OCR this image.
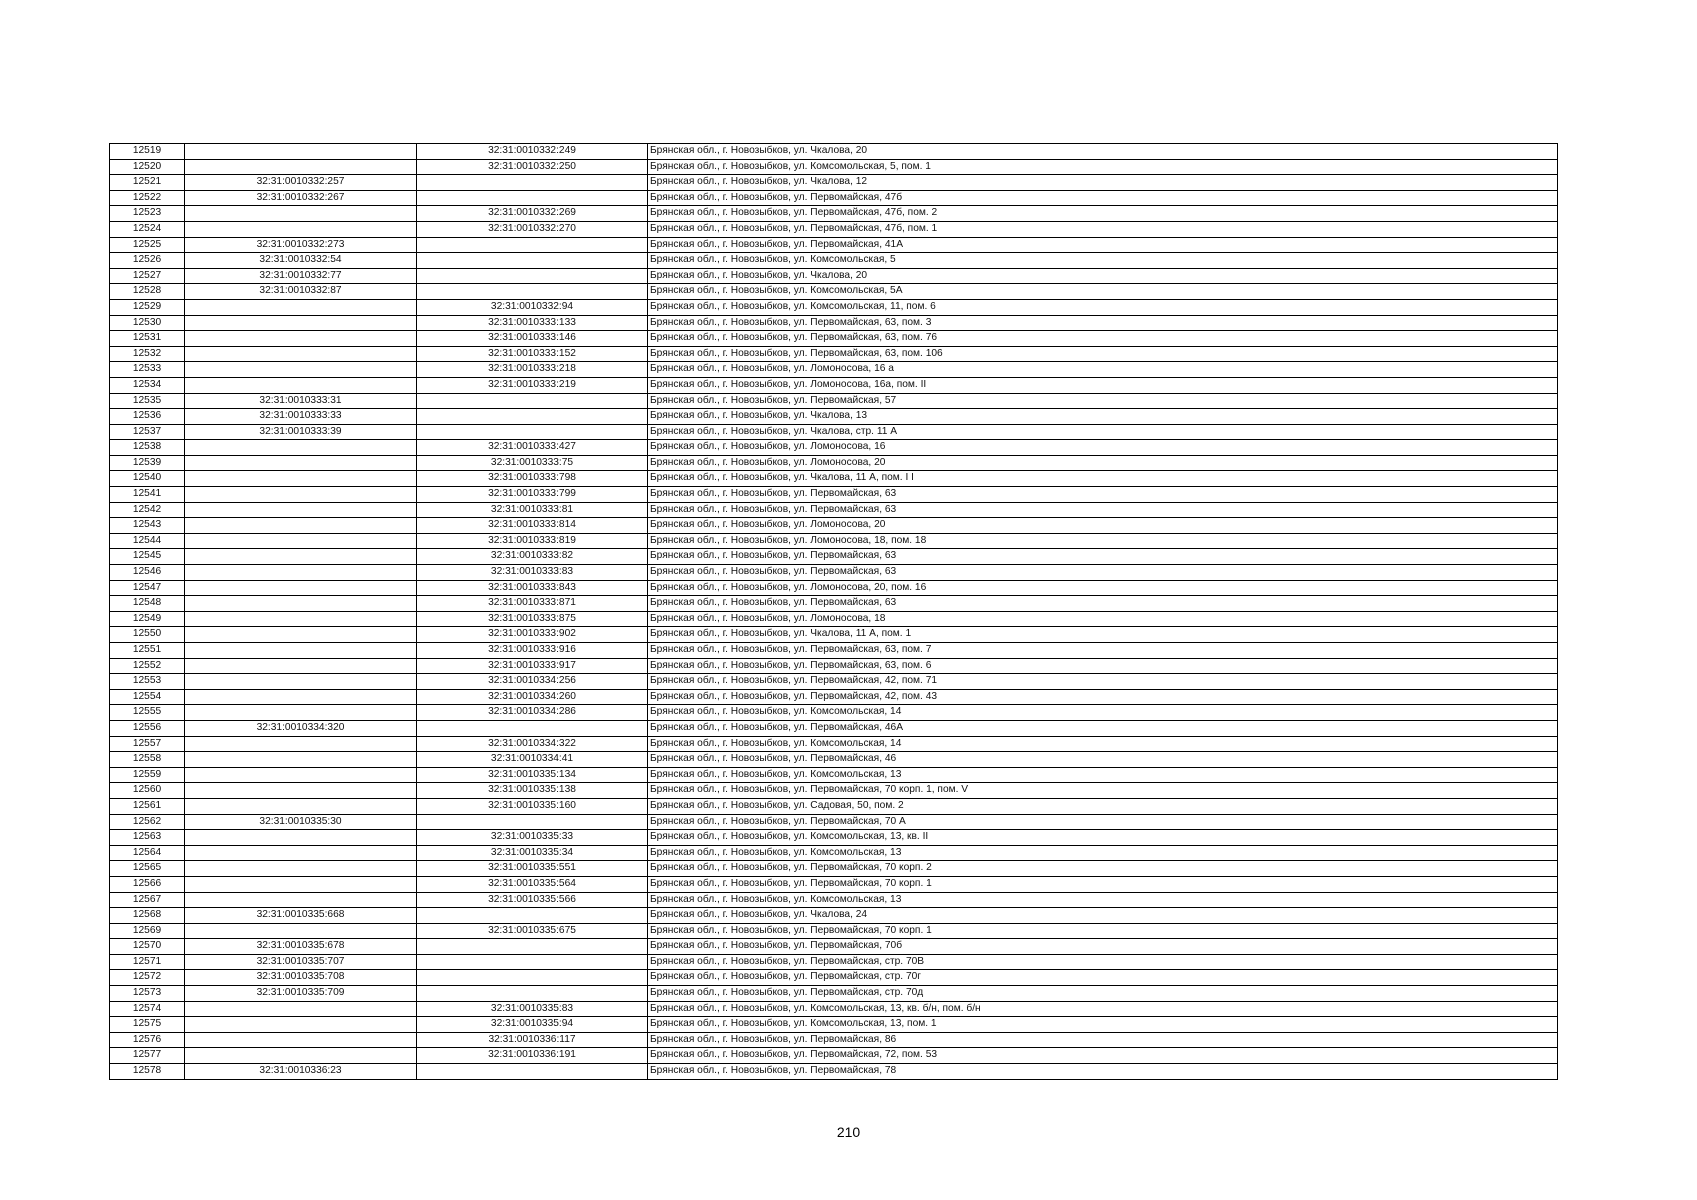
12519		32:31:0010332:249	Брянская обл., г. Новозыбков, ул. Чкалова, 20
12520		32:31:0010332:250	Брянская обл., г. Новозыбков, ул. Комсомольская, 5, пом. 1
12521	32:31:0010332:257		Брянская обл., г. Новозыбков, ул. Чкалова, 12
12522	32:31:0010332:267		Брянская обл., г. Новозыбков, ул. Первомайская, 47б
12523		32:31:0010332:269	Брянская обл., г. Новозыбков, ул. Первомайская, 47б, пом. 2
12524		32:31:0010332:270	Брянская обл., г. Новозыбков, ул. Первомайская, 47б, пом. 1
12525	32:31:0010332:273		Брянская обл., г. Новозыбков, ул. Первомайская, 41А
12526	32:31:0010332:54		Брянская обл., г. Новозыбков, ул. Комсомольская, 5
12527	32:31:0010332:77		Брянская обл., г. Новозыбков, ул. Чкалова, 20
12528	32:31:0010332:87		Брянская обл., г. Новозыбков, ул. Комсомольская, 5А
12529		32:31:0010332:94	Брянская обл., г. Новозыбков, ул. Комсомольская, 11, пом. 6
12530		32:31:0010333:133	Брянская обл., г. Новозыбков, ул. Первомайская, 63, пом. 3
12531		32:31:0010333:146	Брянская обл., г. Новозыбков, ул. Первомайская, 63, пом. 76
12532		32:31:0010333:152	Брянская обл., г. Новозыбков, ул. Первомайская, 63, пом. 106
12533		32:31:0010333:218	Брянская обл., г. Новозыбков, ул. Ломоносова, 16 а
12534		32:31:0010333:219	Брянская обл., г. Новозыбков, ул. Ломоносова, 16а, пом. II
12535	32:31:0010333:31		Брянская обл., г. Новозыбков, ул. Первомайская, 57
12536	32:31:0010333:33		Брянская обл., г. Новозыбков, ул. Чкалова, 13
12537	32:31:0010333:39		Брянская обл., г. Новозыбков, ул. Чкалова, стр. 11 А
12538		32:31:0010333:427	Брянская обл., г. Новозыбков, ул. Ломоносова, 16
12539		32:31:0010333:75	Брянская обл., г. Новозыбков, ул. Ломоносова, 20
12540		32:31:0010333:798	Брянская обл., г. Новозыбков, ул. Чкалова, 11 А, пом. I I
12541		32:31:0010333:799	Брянская обл., г. Новозыбков, ул. Первомайская, 63
12542		32:31:0010333:81	Брянская обл., г. Новозыбков, ул. Первомайская, 63
12543		32:31:0010333:814	Брянская обл., г. Новозыбков, ул. Ломоносова, 20
12544		32:31:0010333:819	Брянская обл., г. Новозыбков, ул. Ломоносова, 18, пом. 18
12545		32:31:0010333:82	Брянская обл., г. Новозыбков, ул. Первомайская, 63
12546		32:31:0010333:83	Брянская обл., г. Новозыбков, ул. Первомайская, 63
12547		32:31:0010333:843	Брянская обл., г. Новозыбков, ул. Ломоносова, 20, пом. 16
12548		32:31:0010333:871	Брянская обл., г. Новозыбков, ул. Первомайская, 63
12549		32:31:0010333:875	Брянская обл., г. Новозыбков, ул. Ломоносова, 18
12550		32:31:0010333:902	Брянская обл., г. Новозыбков, ул. Чкалова, 11 А, пом. 1
12551		32:31:0010333:916	Брянская обл., г. Новозыбков, ул. Первомайская, 63, пом. 7
12552		32:31:0010333:917	Брянская обл., г. Новозыбков, ул. Первомайская, 63, пом. 6
12553		32:31:0010334:256	Брянская обл., г. Новозыбков, ул. Первомайская, 42, пом. 71
12554		32:31:0010334:260	Брянская обл., г. Новозыбков, ул. Первомайская, 42, пом. 43
12555		32:31:0010334:286	Брянская обл., г. Новозыбков, ул. Комсомольская, 14
12556	32:31:0010334:320		Брянская обл., г. Новозыбков, ул. Первомайская, 46А
12557		32:31:0010334:322	Брянская обл., г. Новозыбков, ул. Комсомольская, 14
12558		32:31:0010334:41	Брянская обл., г. Новозыбков, ул. Первомайская, 46
12559		32:31:0010335:134	Брянская обл., г. Новозыбков, ул. Комсомольская, 13
12560		32:31:0010335:138	Брянская обл., г. Новозыбков, ул. Первомайская, 70 корп. 1, пом. V
12561		32:31:0010335:160	Брянская обл., г. Новозыбков, ул. Садовая, 50, пом. 2
12562	32:31:0010335:30		Брянская обл., г. Новозыбков, ул. Первомайская, 70 А
12563		32:31:0010335:33	Брянская обл., г. Новозыбков, ул. Комсомольская, 13, кв. II
12564		32:31:0010335:34	Брянская обл., г. Новозыбков, ул. Комсомольская, 13
12565		32:31:0010335:551	Брянская обл., г. Новозыбков, ул. Первомайская, 70 корп. 2
12566		32:31:0010335:564	Брянская обл., г. Новозыбков, ул. Первомайская, 70 корп. 1
12567		32:31:0010335:566	Брянская обл., г. Новозыбков, ул. Комсомольская, 13
12568	32:31:0010335:668		Брянская обл., г. Новозыбков, ул. Чкалова, 24
12569		32:31:0010335:675	Брянская обл., г. Новозыбков, ул. Первомайская, 70 корп. 1
12570	32:31:0010335:678		Брянская обл., г. Новозыбков, ул. Первомайская, 70б
12571	32:31:0010335:707		Брянская обл., г. Новозыбков, ул. Первомайская, стр. 70В
12572	32:31:0010335:708		Брянская обл., г. Новозыбков, ул. Первомайская, стр. 70г
12573	32:31:0010335:709		Брянская обл., г. Новозыбков, ул. Первомайская, стр. 70д
12574		32:31:0010335:83	Брянская обл., г. Новозыбков, ул. Комсомольская, 13, кв. б/н, пом. б/н
12575		32:31:0010335:94	Брянская обл., г. Новозыбков, ул. Комсомольская, 13, пом. 1
12576		32:31:0010336:117	Брянская обл., г. Новозыбков, ул. Первомайская, 86
12577		32:31:0010336:191	Брянская обл., г. Новозыбков, ул. Первомайская, 72, пом. 53
12578	32:31:0010336:23		Брянская обл., г. Новозыбков, ул. Первомайская, 78
210
